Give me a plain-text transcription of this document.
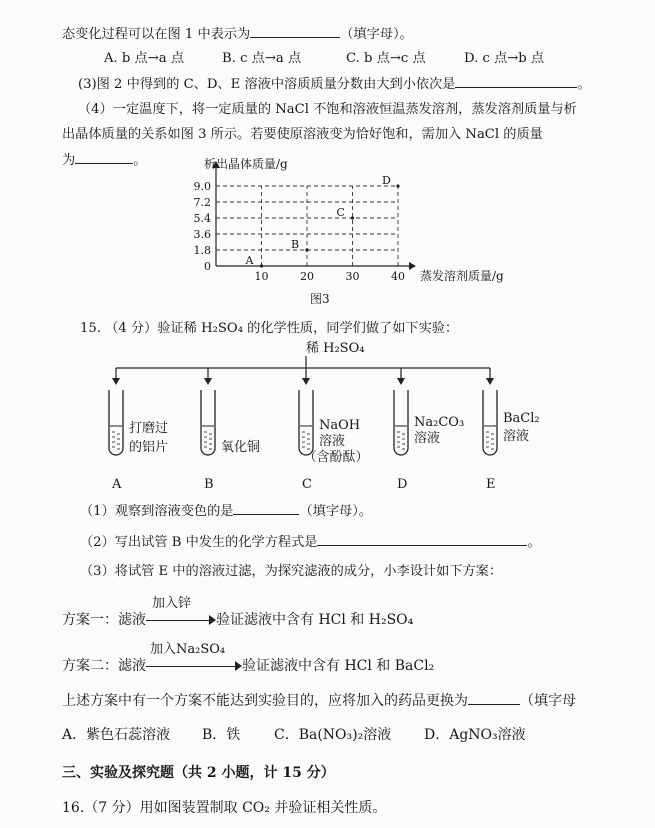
态变化过程可以在图 1 中表示为	（填字母）。
A. b 点→a 点	B. c 点→a 点	C. b 点→c 点	D. c 点→b 点
(3)图 2 中得到的 C、D、E 溶液中溶质质量分数由大到小依次是	。
（4）一定温度下，将一定质量的 NaCl 不饱和溶液恒温蒸发溶剂，蒸发溶剂质量与析
出晶体质量的关系如图 3 所示。若要使原溶液变为恰好饱和，需加入 NaCl 的质量
为	。
0
1.8
3.6
5.4
7.2
9.0
10	20	30	40
A
B
C
D
析出晶体质量/g
蒸发溶剂质量/g
图3
15. （4 分）验证稀 H₂SO₄ 的化学性质，同学们做了如下实验：
稀 H₂SO₄
打磨过
的铝片
A
氧化铜
B
NaOH
溶液
（含酚酞）
C
Na₂CO₃
溶液
D
BaCl₂
溶液
E
（1）观察到溶液变色的是	（填字母）。
（2）写出试管 B 中发生的化学方程式是	。
（3）将试管 E 中的溶液过滤，为探究滤液的成分，小李设计如下方案：
方案一：滤液
加入锌
验证滤液中含有 HCl 和 H₂SO₄
方案二：滤液
加入Na₂SO₄
验证滤液中含有 HCl 和 BaCl₂
上述方案中有一个方案不能达到实验目的，应将加入的药品更换为	（填字母
A．紫色石蕊溶液 B．铁 C．Ba(NO₃)₂溶液 D．AgNO₃溶液
三、实验及探究题（共 2 小题，计 15 分）
16.（7 分）用如图装置制取 CO₂ 并验证相关性质。
